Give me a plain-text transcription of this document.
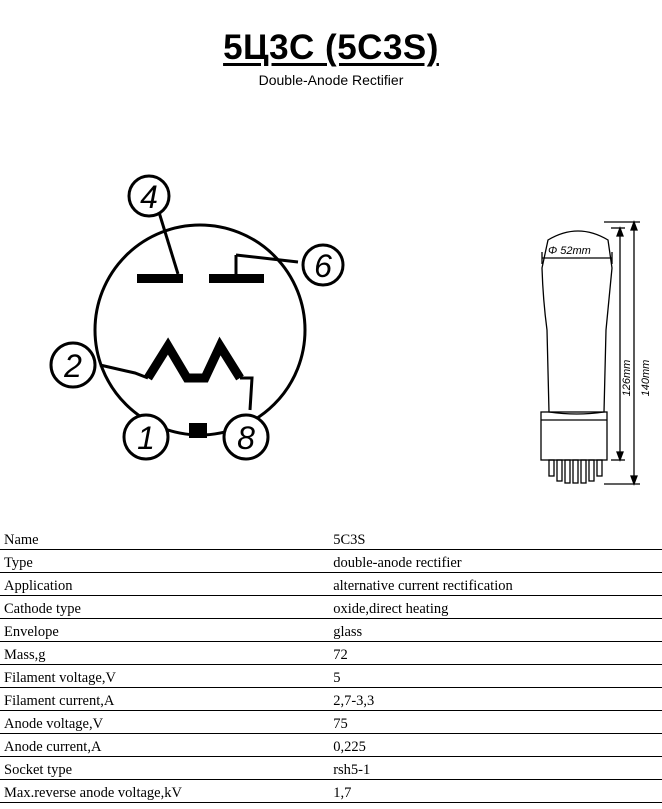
5Ц3С (5C3S)
Double-Anode Rectifier
4
6
2
1	8
Φ 52mm
126mm 140mm
Name	5C3S
Type	double-anode rectifier
Application	alternative current rectification
Cathode type	oxide,direct heating
Envelope	glass
Mass,g	72
Filament voltage,V	5
Filament current,A	2,7-3,3
Anode voltage,V	75
Anode current,A	0,225
Socket type	rsh5-1
Max.reverse anode voltage,kV	1,7
